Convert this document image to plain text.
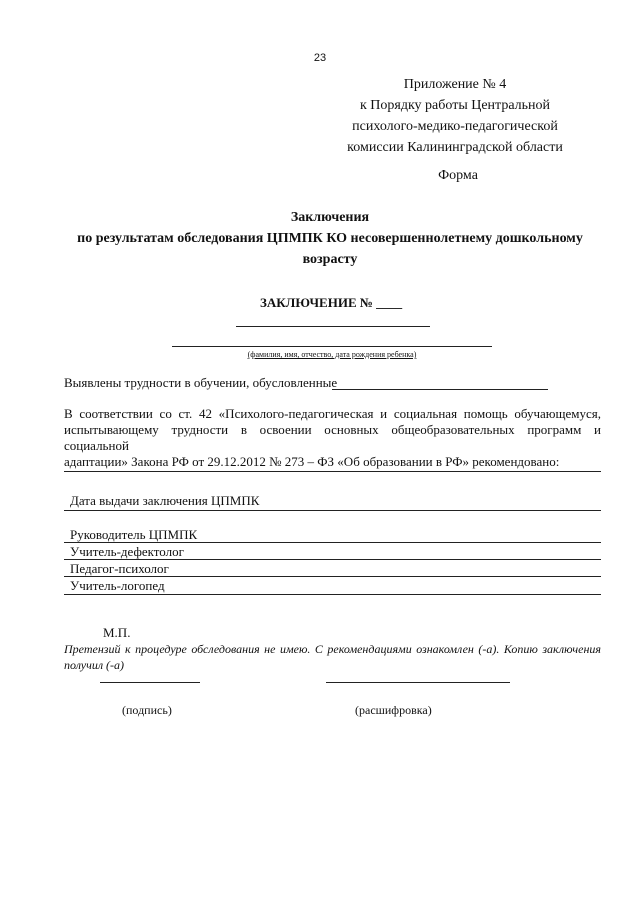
23
Приложение № 4
к Порядку работы Центральной
психолого-медико-педагогической
комиссии Калининградской области
Форма
Заключения
по результатам обследования ЦПМПК КО несовершеннолетнему дошкольному
возрасту
ЗАКЛЮЧЕНИЕ № ____
(фамилия, имя, отчество, дата рождения ребенка)
Выявлены трудности в обучении, обусловленные
В соответствии со ст. 42 «Психолого-педагогическая и социальная помощь обучающемуся,
испытывающему трудности в освоении основных общеобразовательных программ и социальной
адаптации» Закона РФ от 29.12.2012 № 273 – ФЗ «Об образовании в РФ» рекомендовано:
Дата выдачи заключения ЦПМПК
Руководитель ЦПМПК
Учитель-дефектолог
Педагог-психолог
Учитель-логопед
М.П.
Претензий к процедуре обследования не имею. С рекомендациями ознакомлен (-а). Копию заключения
получил (-а)
(подпись)	(расшифровка)
